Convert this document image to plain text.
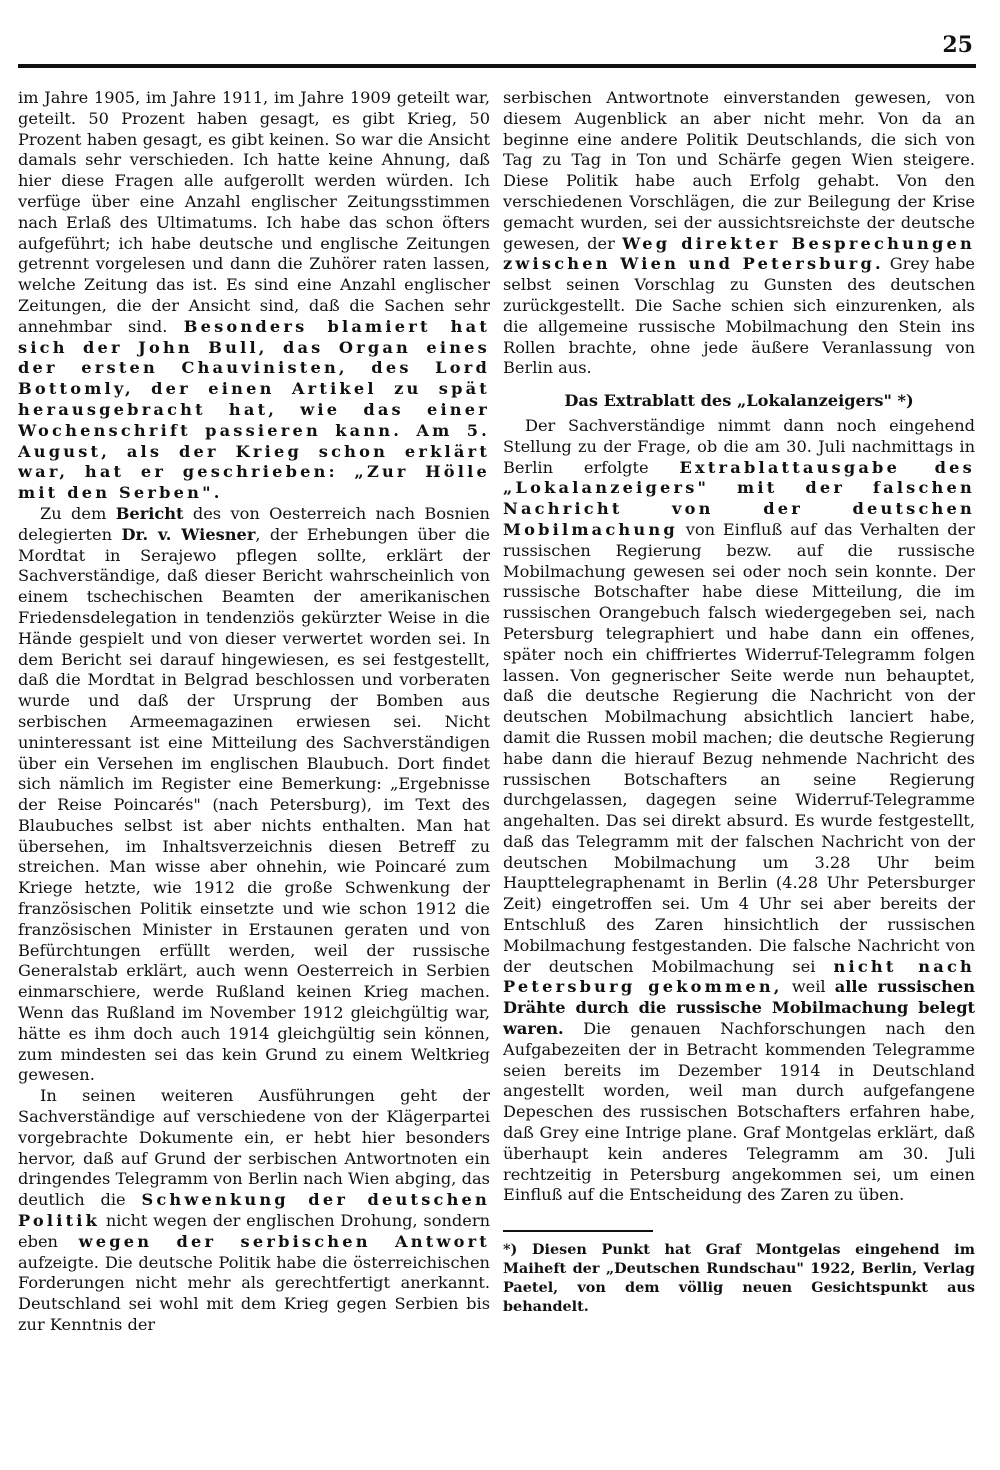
25

im Jahre 1905, im Jahre 1911, im Jahre 1909 geteilt war, geteilt. 50 Prozent haben gesagt, es gibt Krieg, 50 Prozent haben gesagt, es gibt keinen. So war die Ansicht damals sehr verschieden. Ich hatte keine Ahnung, daß hier diese Fragen alle aufgerollt werden würden. Ich verfüge über eine Anzahl englischer Zeitungsstimmen nach Erlaß des Ultimatums. Ich habe das schon öfters aufgeführt; ich habe deutsche und englische Zeitungen getrennt vorgelesen und dann die Zuhörer raten lassen, welche Zeitung das ist. Es sind eine Anzahl englischer Zeitungen, die der Ansicht sind, daß die Sachen sehr annehmbar sind. Besonders blamiert hat sich der John Bull, das Organ eines der ersten Chauvinisten, des Lord Bottomly, der einen Artikel zu spät herausgebracht hat, wie das einer Wochenschrift passieren kann. Am 5. August, als der Krieg schon erklärt war, hat er geschrieben: „Zur Hölle mit den Serben".

Zu dem Bericht des von Oesterreich nach Bosnien delegierten Dr. v. Wiesner, der Erhebungen über die Mordtat in Serajewo pflegen sollte, erklärt der Sachverständige, daß dieser Bericht wahrscheinlich von einem tschechischen Beamten der amerikanischen Friedensdelegation in tendenziös gekürzter Weise in die Hände gespielt und von dieser verwertet worden sei. In dem Bericht sei darauf hingewiesen, es sei festgestellt, daß die Mordtat in Belgrad beschlossen und vorberaten wurde und daß der Ursprung der Bomben aus serbischen Armeemagazinen erwiesen sei. Nicht uninteressant ist eine Mitteilung des Sachverständigen über ein Versehen im englischen Blaubuch. Dort findet sich nämlich im Register eine Bemerkung: „Ergebnisse der Reise Poincarés" (nach Petersburg), im Text des Blaubuches selbst ist aber nichts enthalten. Man hat übersehen, im Inhaltsverzeichnis diesen Betreff zu streichen. Man wisse aber ohnehin, wie Poincaré zum Kriege hetzte, wie 1912 die große Schwenkung der französischen Politik einsetzte und wie schon 1912 die französischen Minister in Erstaunen geraten und von Befürchtungen erfüllt werden, weil der russische Generalstab erklärt, auch wenn Oesterreich in Serbien einmarschiere, werde Rußland keinen Krieg machen. Wenn das Rußland im November 1912 gleichgültig war, hätte es ihm doch auch 1914 gleichgültig sein können, zum mindesten sei das kein Grund zu einem Weltkrieg gewesen.

In seinen weiteren Ausführungen geht der Sachverständige auf verschiedene von der Klägerpartei vorgebrachte Dokumente ein, er hebt hier besonders hervor, daß auf Grund der serbischen Antwortnoten ein dringendes Telegramm von Berlin nach Wien abging, das deutlich die Schwenkung der deutschen Politik nicht wegen der englischen Drohung, sondern eben wegen der serbischen Antwort aufzeigte. Die deutsche Politik habe die österreichischen Forderungen nicht mehr als gerechtfertigt anerkannt. Deutschland sei wohl mit dem Krieg gegen Serbien bis zur Kenntnis der

serbischen Antwortnote einverstanden gewesen, von diesem Augenblick an aber nicht mehr. Von da an beginne eine andere Politik Deutschlands, die sich von Tag zu Tag in Ton und Schärfe gegen Wien steigere. Diese Politik habe auch Erfolg gehabt. Von den verschiedenen Vorschlägen, die zur Beilegung der Krise gemacht wurden, sei der aussichtsreichste der deutsche gewesen, der Weg direkter Besprechungen zwischen Wien und Petersburg. Grey habe selbst seinen Vorschlag zu Gunsten des deutschen zurückgestellt. Die Sache schien sich einzurenken, als die allgemeine russische Mobilmachung den Stein ins Rollen brachte, ohne jede äußere Veranlassung von Berlin aus.

Das Extrablatt des „Lokalanzeigers" *)

Der Sachverständige nimmt dann noch eingehend Stellung zu der Frage, ob die am 30. Juli nachmittags in Berlin erfolgte Extrablattausgabe des „Lokalanzeigers" mit der falschen Nachricht von der deutschen Mobilmachung von Einfluß auf das Verhalten der russischen Regierung bezw. auf die russische Mobilmachung gewesen sei oder noch sein konnte. Der russische Botschafter habe diese Mitteilung, die im russischen Orangebuch falsch wiedergegeben sei, nach Petersburg telegraphiert und habe dann ein offenes, später noch ein chiffriertes Widerruf-Telegramm folgen lassen. Von gegnerischer Seite werde nun behauptet, daß die deutsche Regierung die Nachricht von der deutschen Mobilmachung absichtlich lanciert habe, damit die Russen mobil machen; die deutsche Regierung habe dann die hierauf Bezug nehmende Nachricht des russischen Botschafters an seine Regierung durchgelassen, dagegen seine Widerruf-Telegramme angehalten. Das sei direkt absurd. Es wurde festgestellt, daß das Telegramm mit der falschen Nachricht von der deutschen Mobilmachung um 3.28 Uhr beim Haupttelegraphenamt in Berlin (4.28 Uhr Petersburger Zeit) eingetroffen sei. Um 4 Uhr sei aber bereits der Entschluß des Zaren hinsichtlich der russischen Mobilmachung festgestanden. Die falsche Nachricht von der deutschen Mobilmachung sei nicht nach Petersburg gekommen, weil alle russischen Drähte durch die russische Mobilmachung belegt waren. Die genauen Nachforschungen nach den Aufgabezeiten der in Betracht kommenden Telegramme seien bereits im Dezember 1914 in Deutschland angestellt worden, weil man durch aufgefangene Depeschen des russischen Botschafters erfahren habe, daß Grey eine Intrige plane. Graf Montgelas erklärt, daß überhaupt kein anderes Telegramm am 30. Juli rechtzeitig in Petersburg angekommen sei, um einen Einfluß auf die Entscheidung des Zaren zu üben.

*) Diesen Punkt hat Graf Montgelas eingehend im Maiheft der „Deutschen Rundschau" 1922, Berlin, Verlag Paetel, von dem völlig neuen Gesichtspunkt aus behandelt.
